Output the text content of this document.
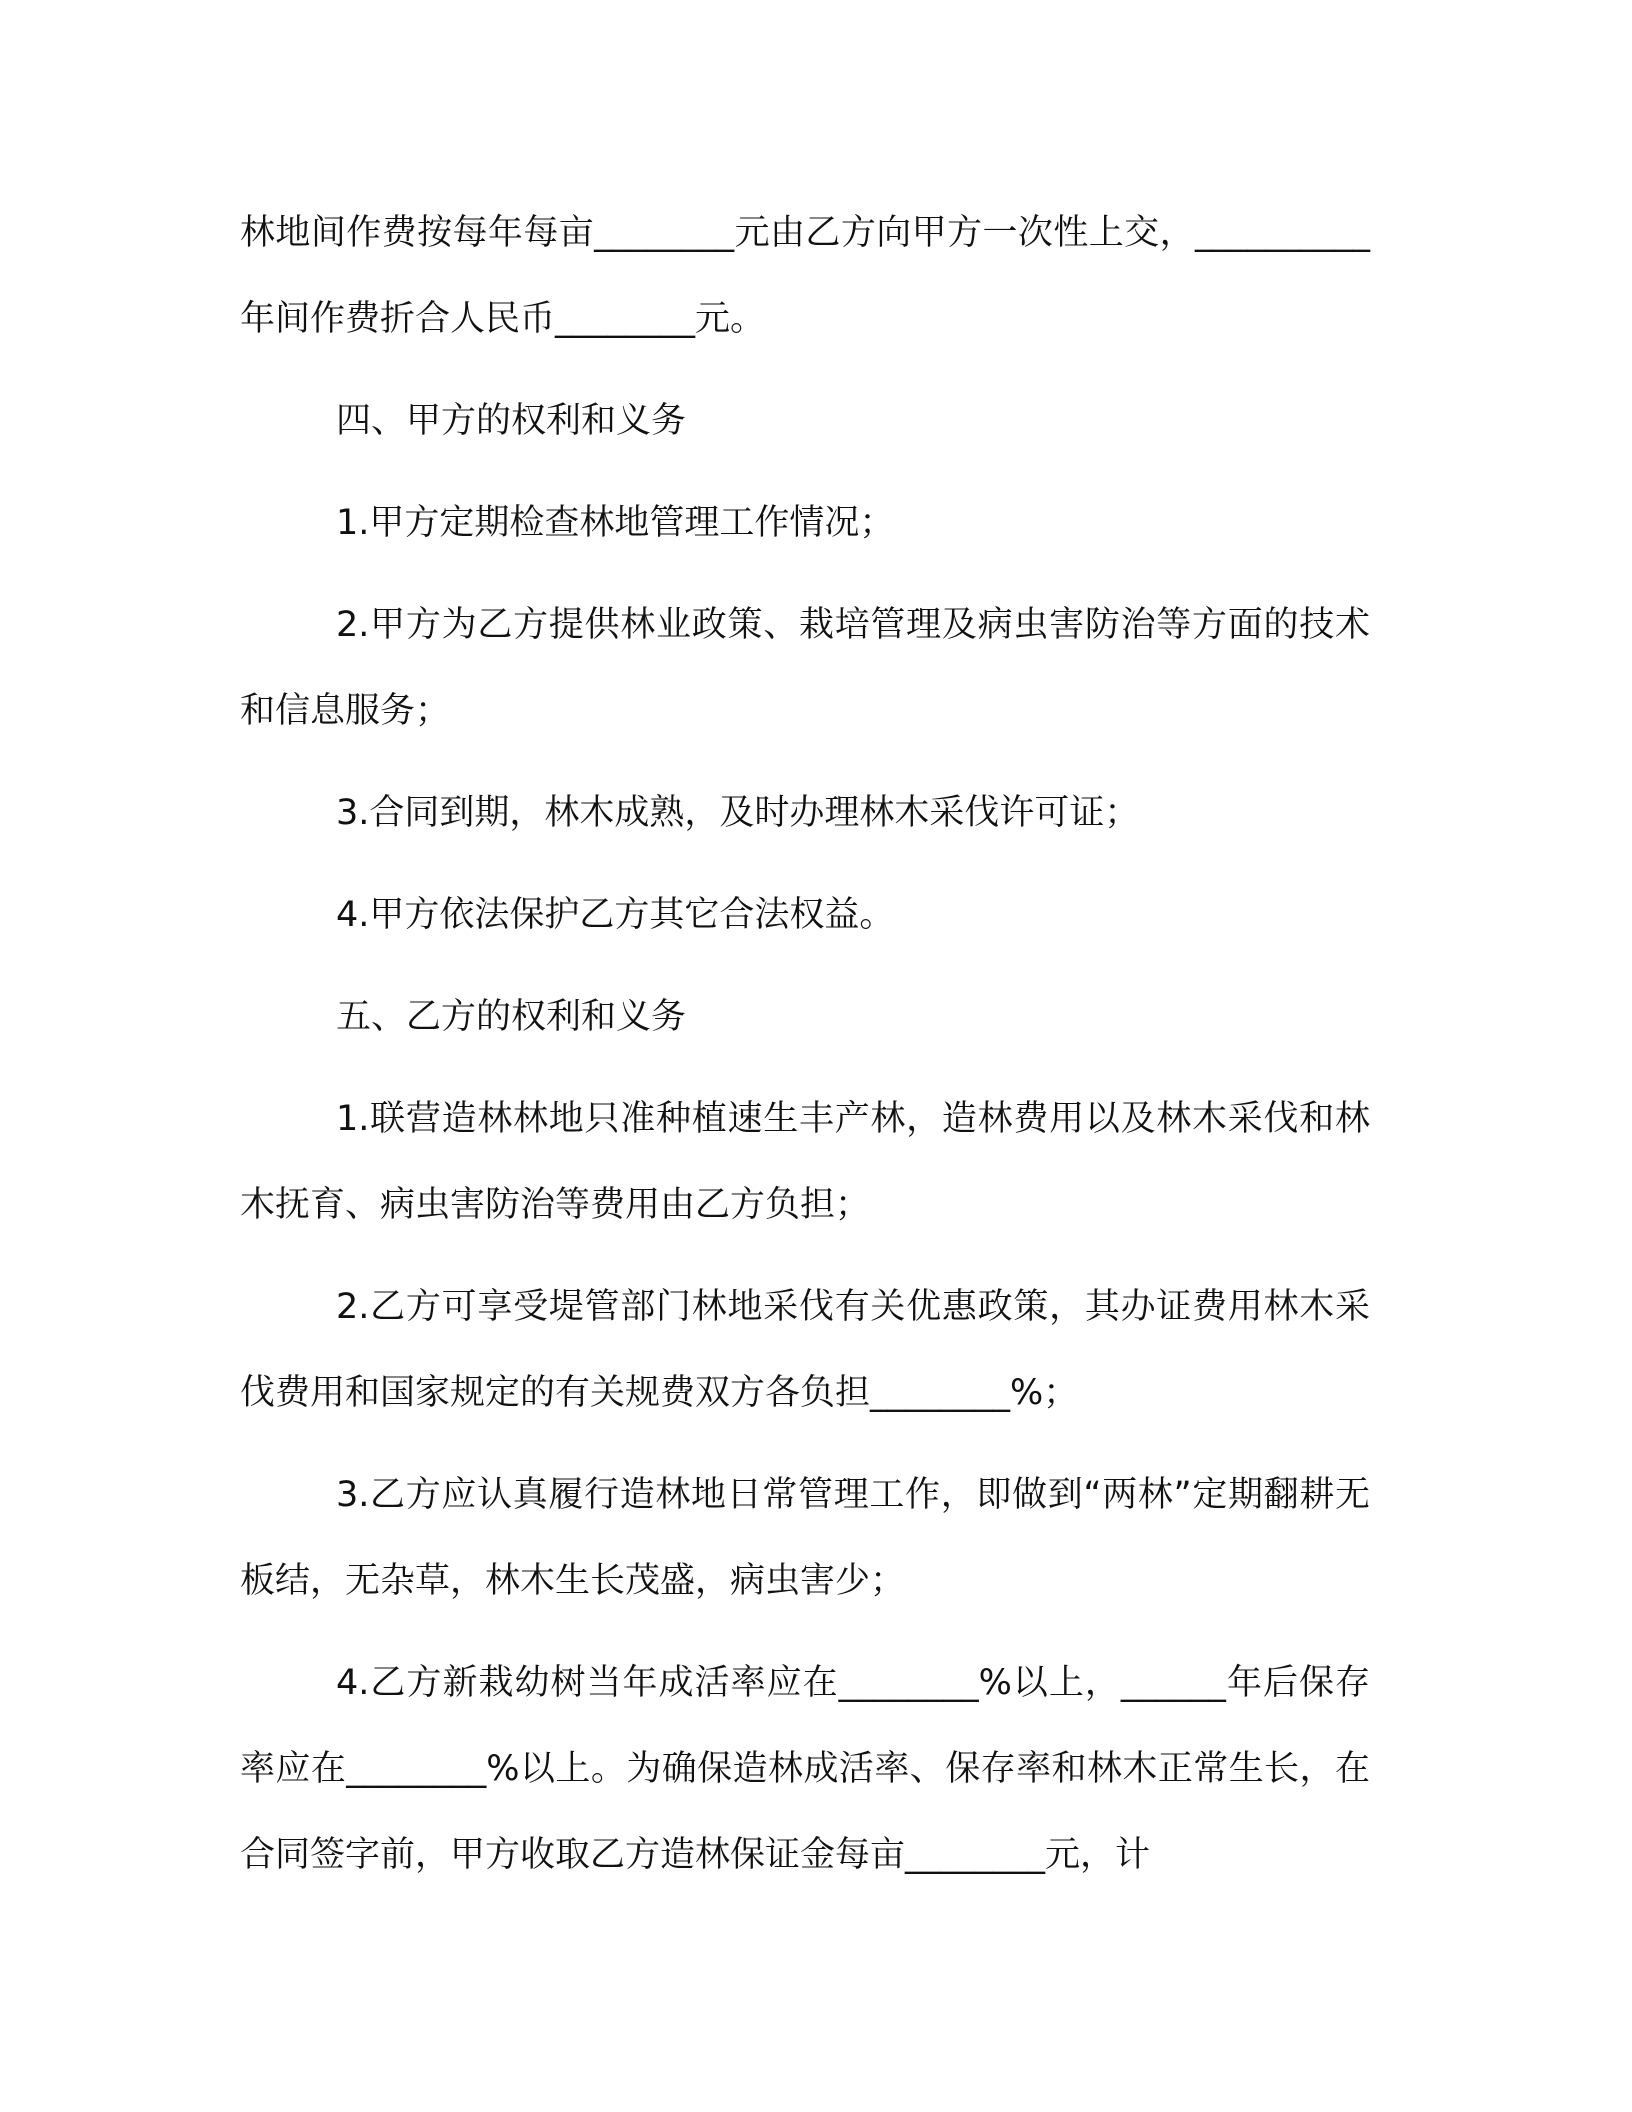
林地间作费按每年每亩________元由乙方向甲方一次性上交，__________年间作费折合人民币________元。

四、甲方的权利和义务

1.甲方定期检查林地管理工作情况；

2.甲方为乙方提供林业政策、栽培管理及病虫害防治等方面的技术和信息服务；

3.合同到期，林木成熟，及时办理林木采伐许可证；

4.甲方依法保护乙方其它合法权益。

五、乙方的权利和义务

1.联营造林林地只准种植速生丰产林，造林费用以及林木采伐和林木抚育、病虫害防治等费用由乙方负担；

2.乙方可享受堤管部门林地采伐有关优惠政策，其办证费用林木采伐费用和国家规定的有关规费双方各负担________%；

3.乙方应认真履行造林地日常管理工作，即做到“两林”定期翻耕无板结，无杂草，林木生长茂盛，病虫害少；

4.乙方新栽幼树当年成活率应在________%以上，______年后保存率应在________%以上。为确保造林成活率、保存率和林木正常生长，在合同签字前，甲方收取乙方造林保证金每亩________元，计
